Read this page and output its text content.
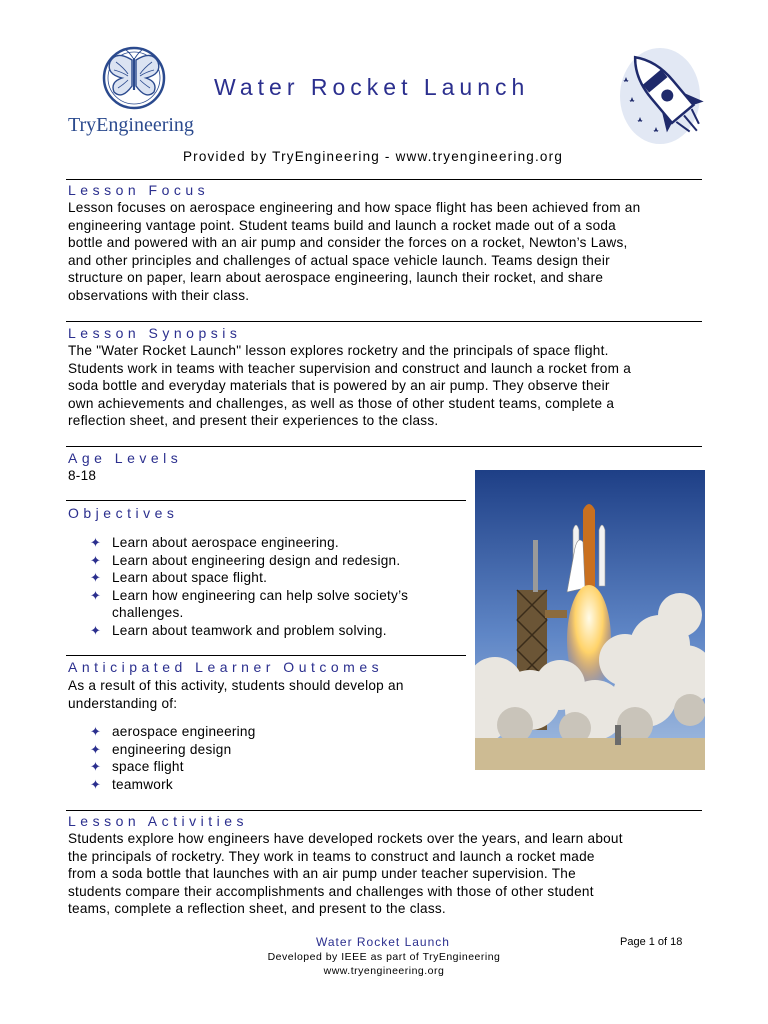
TryEngineering
Water Rocket Launch
Provided by TryEngineering - www.tryengineering.org
Lesson Focus
Lesson focuses on aerospace engineering and how space flight has been achieved from an
engineering vantage point. Student teams build and launch a rocket made out of a soda
bottle and powered with an air pump and consider the forces on a rocket, Newton’s Laws,
and other principles and challenges of actual space vehicle launch. Teams design their
structure on paper, learn about aerospace engineering, launch their rocket, and share
observations with their class.
Lesson Synopsis
The "Water Rocket Launch" lesson explores rocketry and the principals of space flight.
Students work in teams with teacher supervision and construct and launch a rocket from a
soda bottle and everyday materials that is powered by an air pump. They observe their
own achievements and challenges, as well as those of other student teams, complete a
reflection sheet, and present their experiences to the class.
Age Levels
8-18
Objectives
✦ Learn about aerospace engineering.
✦ Learn about engineering design and redesign.
✦ Learn about space flight.
✦ Learn how engineering can help solve society’s
challenges.
✦ Learn about teamwork and problem solving.
Anticipated Learner Outcomes
As a result of this activity, students should develop an
understanding of:
✦ aerospace engineering
✦ engineering design
✦ space flight
✦ teamwork
Lesson Activities
Students explore how engineers have developed rockets over the years, and learn about
the principals of rocketry. They work in teams to construct and launch a rocket made
from a soda bottle that launches with an air pump under teacher supervision. The
students compare their accomplishments and challenges with those of other student
teams, complete a reflection sheet, and present to the class.
Water Rocket Launch	Page 1 of 18
Developed by IEEE as part of TryEngineering
www.tryengineering.org
